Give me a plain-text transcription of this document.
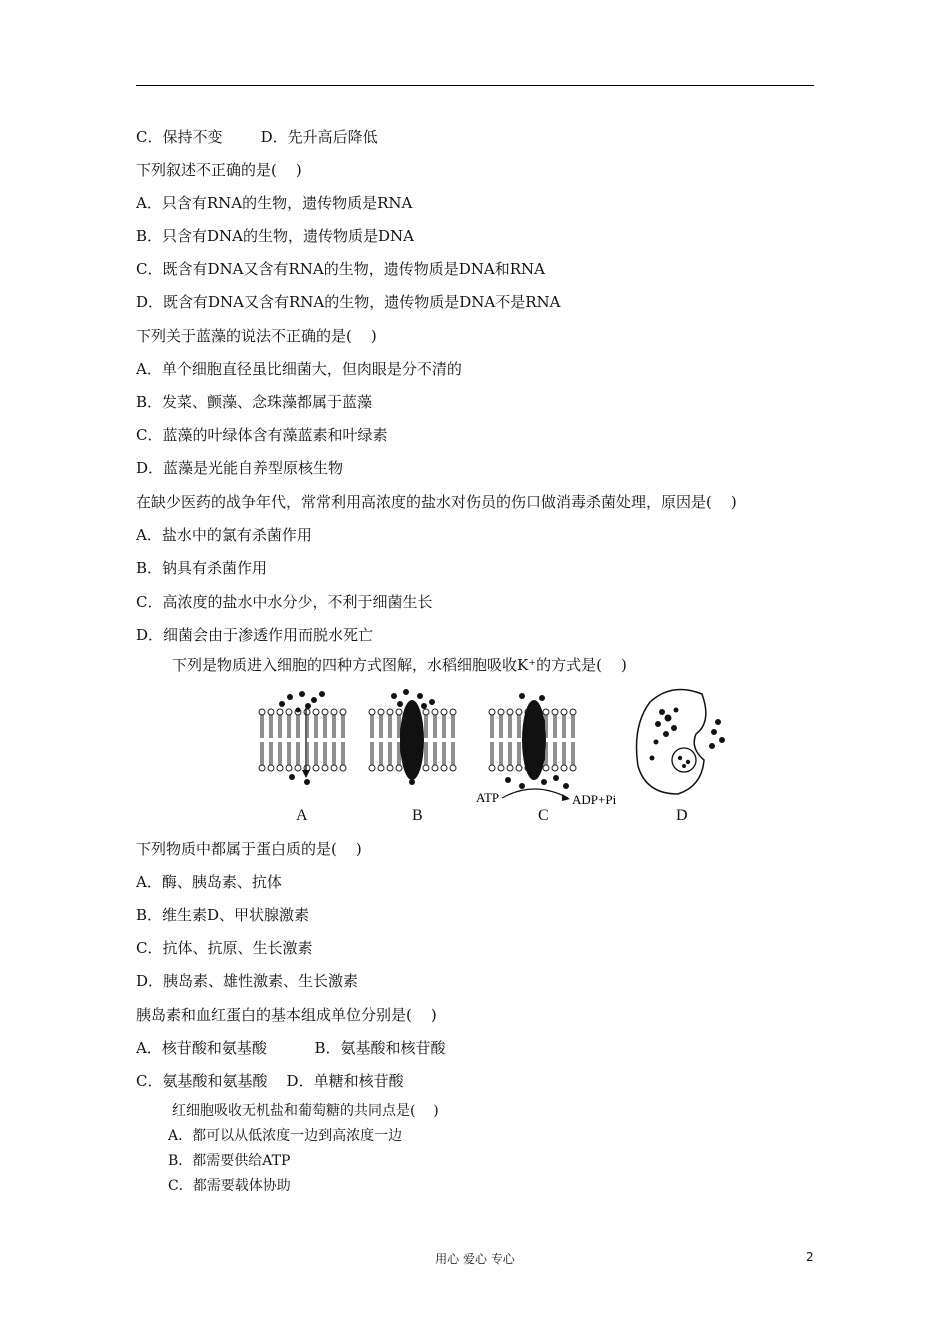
C．保持不变        D．先升高后降低
下列叙述不正确的是(    )
A．只含有RNA的生物，遗传物质是RNA
B．只含有DNA的生物，遗传物质是DNA
C．既含有DNA又含有RNA的生物，遗传物质是DNA和RNA
D．既含有DNA又含有RNA的生物，遗传物质是DNA不是RNA
下列关于蓝藻的说法不正确的是(    )
A．单个细胞直径虽比细菌大，但肉眼是分不清的
B．发菜、颤藻、念珠藻都属于蓝藻
C．蓝藻的叶绿体含有藻蓝素和叶绿素
D．蓝藻是光能自养型原核生物
在缺少医药的战争年代，常常利用高浓度的盐水对伤员的伤口做消毒杀菌处理，原因是(    )
A．盐水中的氯有杀菌作用
B．钠具有杀菌作用
C．高浓度的盐水中水分少，不利于细菌生长
D．细菌会由于渗透作用而脱水死亡
下列是物质进入细胞的四种方式图解，水稻细胞吸收K⁺的方式是(    )
ATP	ADP+Pi
A	B	C	D
下列物质中都属于蛋白质的是(    )
A．酶、胰岛素、抗体
B．维生素D、甲状腺激素
C．抗体、抗原、生长激素
D．胰岛素、雄性激素、生长激素
胰岛素和血红蛋白的基本组成单位分别是(    )
A．核苷酸和氨基酸          B．氨基酸和核苷酸
C．氨基酸和氨基酸    D．单糖和核苷酸
红细胞吸收无机盐和葡萄糖的共同点是(    )
A．都可以从低浓度一边到高浓度一边
B．都需要供给ATP
C．都需要载体协助
用心 爱心 专心	2
